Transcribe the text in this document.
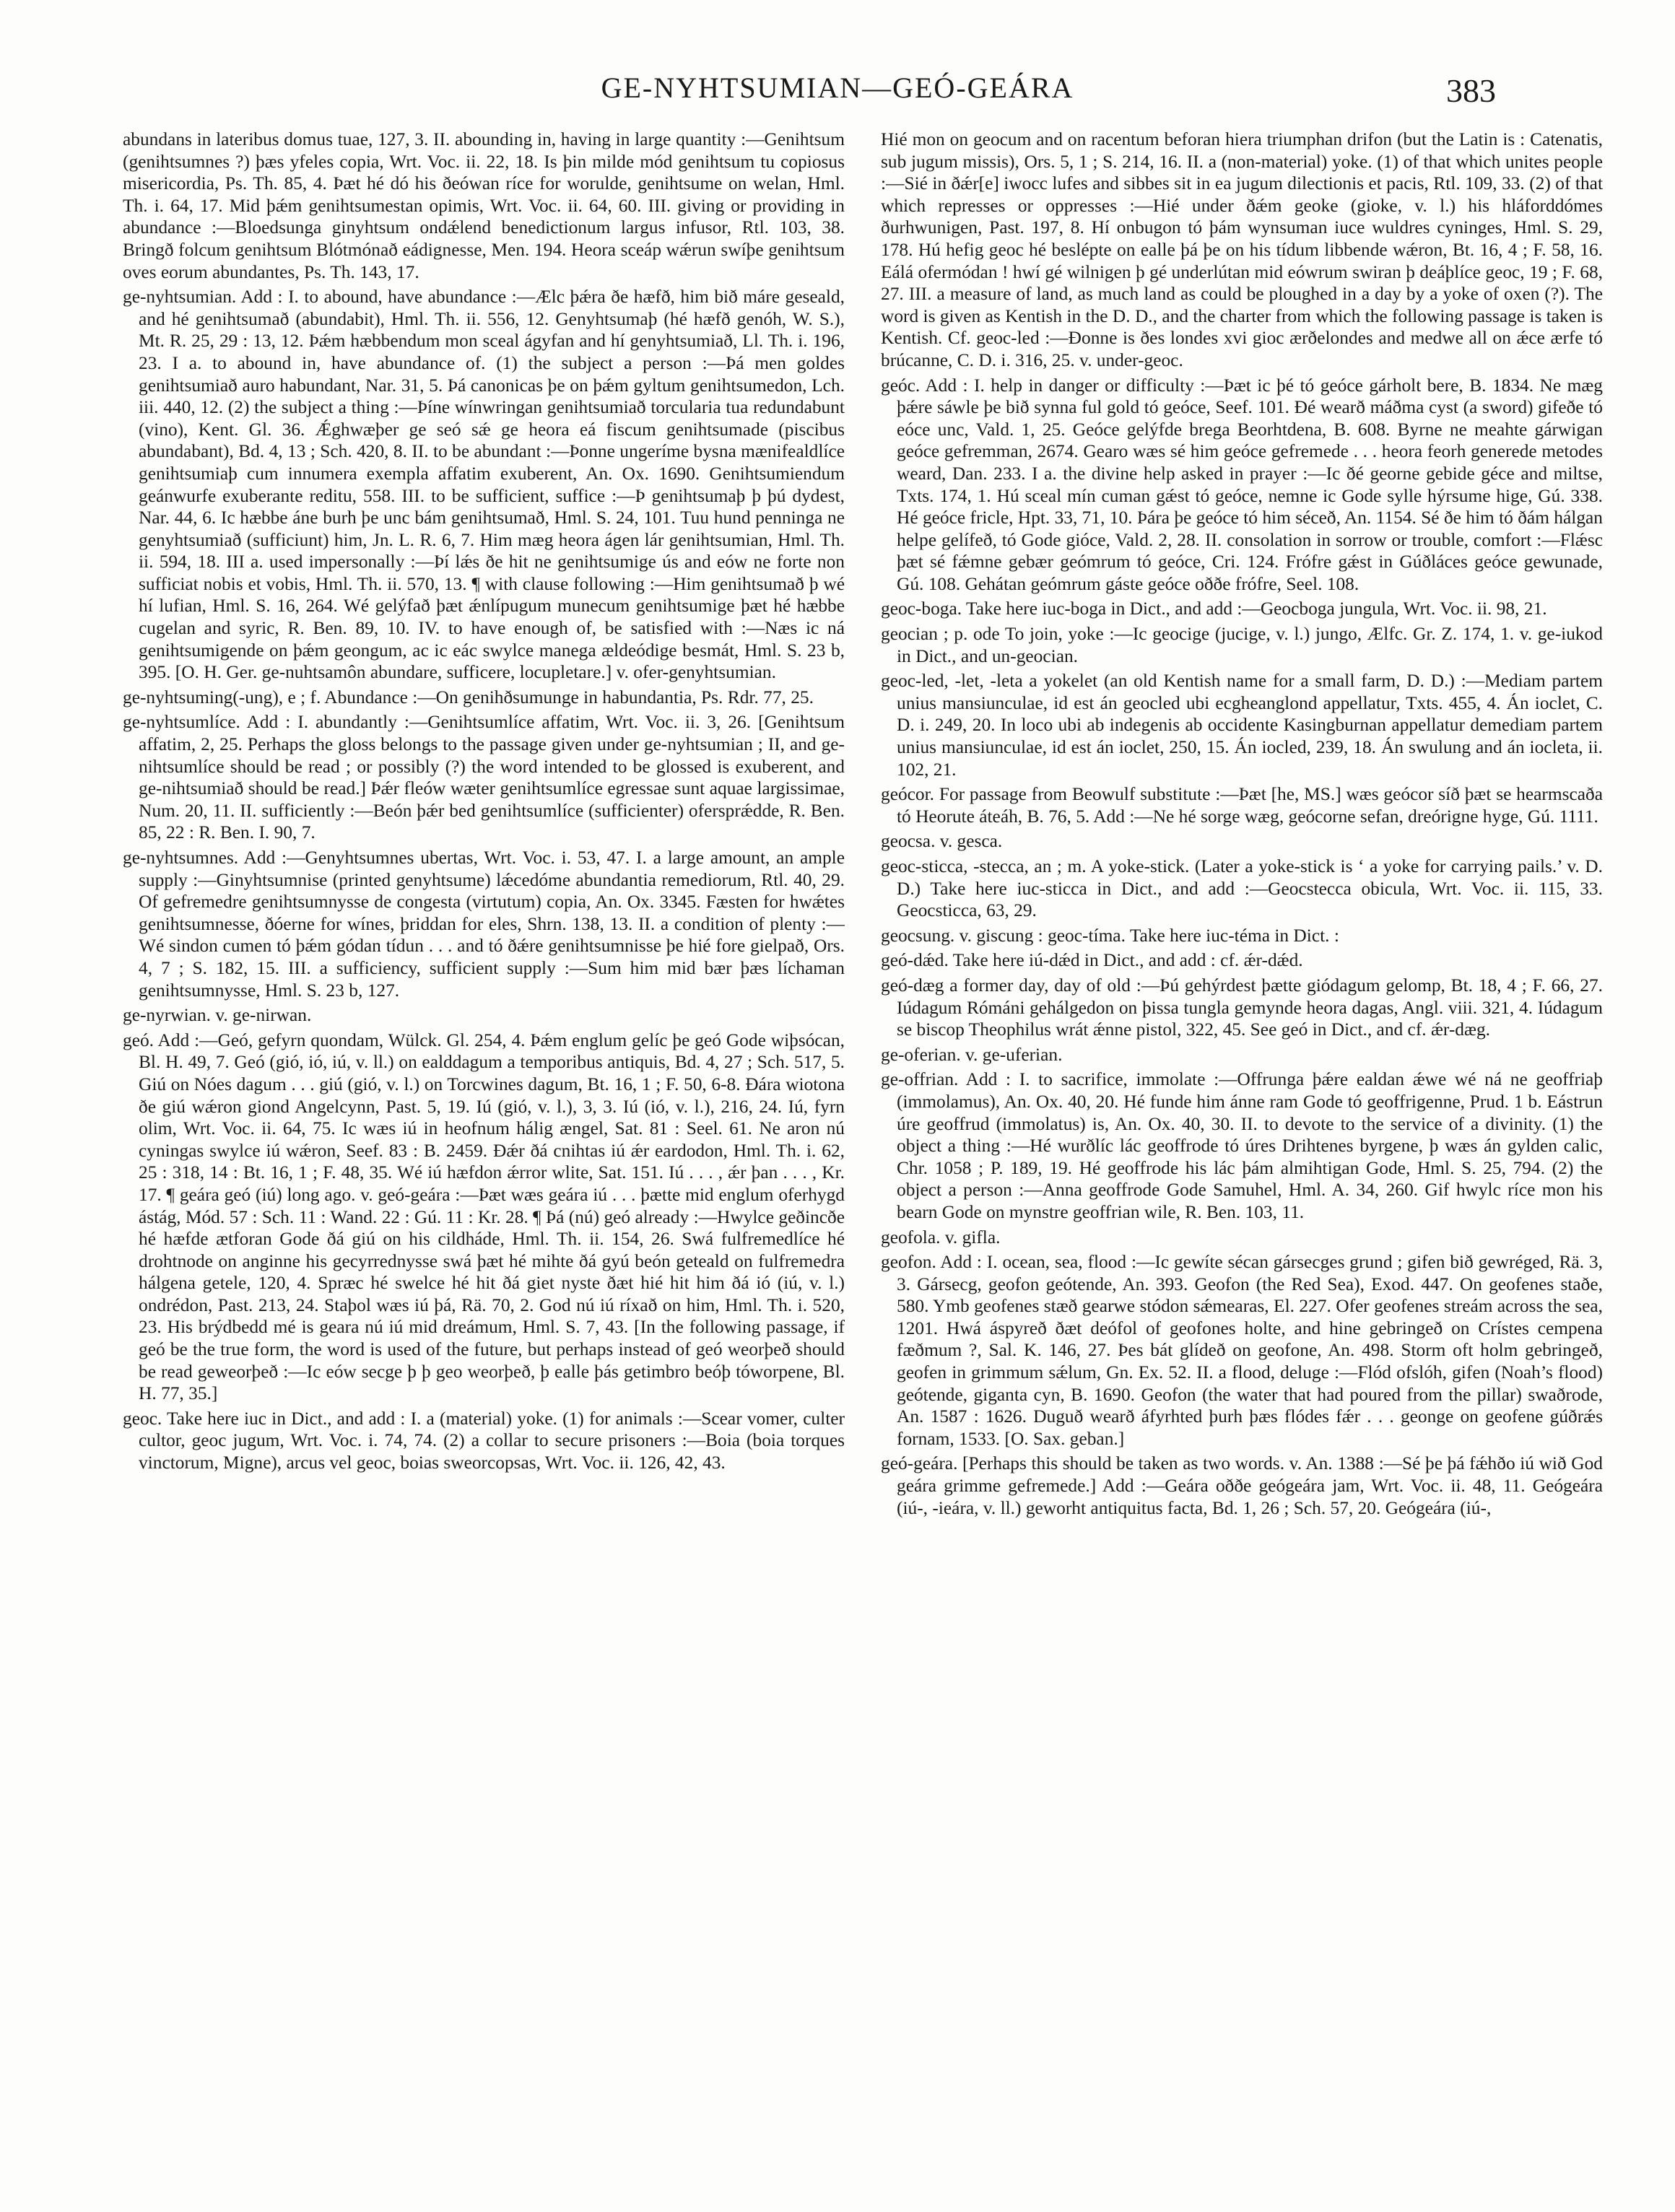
GE-NYHTSUMIAN—GEÓ-GEÁRA	383

abundans in lateribus domus tuae, 127, 3. II. abounding in, having in large quantity :—Genihtsum (genihtsumnes ?) þæs yfeles copia, Wrt. Voc. ii. 22, 18. Is þin milde mód genihtsum tu copiosus misericordia, Ps. Th. 85, 4. Þæt hé dó his ðeówan ríce for worulde, genihtsume on welan, Hml. Th. i. 64, 17. Mid þǽm genihtsumestan opimis, Wrt. Voc. ii. 64, 60. III. giving or providing in abundance :—Bloedsunga ginyhtsum ondǽlend benedictionum largus infusor, Rtl. 103, 38. Bringð folcum genihtsum Blótmónað eádignesse, Men. 194. Heora sceáp wǽrun swíþe genihtsum oves eorum abundantes, Ps. Th. 143, 17.

ge-nyhtsumian. Add : I. to abound, have abundance :—Ælc þǽra ðe hæfð, him bið máre geseald, and hé genihtsumað (abundabit), Hml. Th. ii. 556, 12. Genyhtsumaþ (hé hæfð genóh, W. S.), Mt. R. 25, 29 : 13, 12. Þǽm hæbbendum mon sceal ágyfan and hí genyhtsumiað, Ll. Th. i. 196, 23. I a. to abound in, have abundance of. (1) the subject a person :—Þá men goldes genihtsumiað auro habundant, Nar. 31, 5. Þá canonicas þe on þǽm gyltum genihtsumedon, Lch. iii. 440, 12. (2) the subject a thing :—Þíne wínwringan genihtsumiað torcularia tua redundabunt (vino), Kent. Gl. 36. Ǽghwæþer ge seó sǽ ge heora eá fiscum genihtsumade (piscibus abundabant), Bd. 4, 13 ; Sch. 420, 8. II. to be abundant :—Þonne ungeríme bysna mænifealdlíce genihtsumiaþ cum innumera exempla affatim exuberent, An. Ox. 1690. Genihtsumiendum geánwurfe exuberante reditu, 558. III. to be sufficient, suffice :—Þ genihtsumaþ þ þú dydest, Nar. 44, 6. Ic hæbbe áne burh þe unc bám genihtsumað, Hml. S. 24, 101. Tuu hund penninga ne genyhtsumiað (sufficiunt) him, Jn. L. R. 6, 7. Him mæg heora ágen lár genihtsumian, Hml. Th. ii. 594, 18. III a. used impersonally :—Þí lǽs ðe hit ne genihtsumige ús and eów ne forte non sufficiat nobis et vobis, Hml. Th. ii. 570, 13. ¶ with clause following :—Him genihtsumað þ wé hí lufian, Hml. S. 16, 264. Wé gelýfað þæt ǽnlípugum munecum genihtsumige þæt hé hæbbe cugelan and syric, R. Ben. 89, 10. IV. to have enough of, be satisfied with :—Næs ic ná genihtsumigende on þǽm geongum, ac ic eác swylce manega ældeódige besmát, Hml. S. 23 b, 395. [O. H. Ger. ge-nuhtsamôn abundare, sufficere, locupletare.] v. ofer-genyhtsumian.

ge-nyhtsuming(-ung), e ; f. Abundance :—On genihðsumunge in habundantia, Ps. Rdr. 77, 25.

ge-nyhtsumlíce. Add : I. abundantly :—Genihtsumlíce affatim, Wrt. Voc. ii. 3, 26. [Genihtsum affatim, 2, 25. Perhaps the gloss belongs to the passage given under ge-nyhtsumian ; II, and ge-nihtsumlíce should be read ; or possibly (?) the word intended to be glossed is exuberent, and ge-nihtsumiað should be read.] Þǽr fleów wæter genihtsumlíce egressae sunt aquae largissimae, Num. 20, 11. II. sufficiently :—Beón þǽr bed genihtsumlíce (sufficienter) ofersprǽdde, R. Ben. 85, 22 : R. Ben. I. 90, 7.

ge-nyhtsumnes. Add :—Genyhtsumnes ubertas, Wrt. Voc. i. 53, 47. I. a large amount, an ample supply :—Ginyhtsumnise (printed genyhtsume) lǽcedóme abundantia remediorum, Rtl. 40, 29. Of gefremedre genihtsumnysse de congesta (virtutum) copia, An. Ox. 3345. Fæsten for hwǽtes genihtsumnesse, ðóerne for wínes, þriddan for eles, Shrn. 138, 13. II. a condition of plenty :—Wé sindon cumen tó þǽm gódan tídun . . . and tó ðǽre genihtsumnisse þe hié fore gielpað, Ors. 4, 7 ; S. 182, 15. III. a sufficiency, sufficient supply :—Sum him mid bær þæs líchaman genihtsumnysse, Hml. S. 23 b, 127.

ge-nyrwian. v. ge-nirwan.

geó. Add :—Geó, gefyrn quondam, Wülck. Gl. 254, 4. Þǽm englum gelíc þe geó Gode wiþsócan, Bl. H. 49, 7. Geó (gió, ió, iú, v. ll.) on ealddagum a temporibus antiquis, Bd. 4, 27 ; Sch. 517, 5. Giú on Nóes dagum . . . giú (gió, v. l.) on Torcwines dagum, Bt. 16, 1 ; F. 50, 6-8. Ðára wiotona ðe giú wǽron giond Angelcynn, Past. 5, 19. Iú (gió, v. l.), 3, 3. Iú (ió, v. l.), 216, 24. Iú, fyrn olim, Wrt. Voc. ii. 64, 75. Ic wæs iú in heofnum hálig ængel, Sat. 81 : Seel. 61. Ne aron nú cyningas swylce iú wǽron, Seef. 83 : B. 2459. Ðǽr ðá cnihtas iú ǽr eardodon, Hml. Th. i. 62, 25 : 318, 14 : Bt. 16, 1 ; F. 48, 35. Wé iú hæfdon ǽrror wlite, Sat. 151. Iú . . . , ǽr þan . . . , Kr. 17. ¶ geára geó (iú) long ago. v. geó-geára :—Þæt wæs geára iú . . . þætte mid englum oferhygd ástág, Mód. 57 : Sch. 11 : Wand. 22 : Gú. 11 : Kr. 28. ¶ Þá (nú) geó already :—Hwylce geðincðe hé hæfde ætforan Gode ðá giú on his cildháde, Hml. Th. ii. 154, 26. Swá fulfremedlíce hé drohtnode on anginne his gecyrrednysse swá þæt hé mihte ðá gyú beón geteald on fulfremedra hálgena getele, 120, 4. Spræc hé swelce hé hit ðá giet nyste ðæt hié hit him ðá ió (iú, v. l.) ondrédon, Past. 213, 24. Staþol wæs iú þá, Rä. 70, 2. God nú iú ríxað on him, Hml. Th. i. 520, 23. His brýdbedd mé is geara nú iú mid dreámum, Hml. S. 7, 43. [In the following passage, if geó be the true form, the word is used of the future, but perhaps instead of geó weorþeð should be read geweorþeð :—Ic eów secge þ þ geo weorþeð, þ ealle þás getimbro beóþ tóworpene, Bl. H. 77, 35.]

geoc. Take here iuc in Dict., and add : I. a (material) yoke. (1) for animals :—Scear vomer, culter cultor, geoc jugum, Wrt. Voc. i. 74, 74. (2) a collar to secure prisoners :—Boia (boia torques vinctorum, Migne), arcus vel geoc, boias sweorcopsas, Wrt. Voc. ii. 126, 42, 43.

Hié mon on geocum and on racentum beforan hiera triumphan drifon (but the Latin is : Catenatis, sub jugum missis), Ors. 5, 1 ; S. 214, 16. II. a (non-material) yoke. (1) of that which unites people :—Sié in ðǽr[e] iwocc lufes and sibbes sit in ea jugum dilectionis et pacis, Rtl. 109, 33. (2) of that which represses or oppresses :—Hié under ðǽm geoke (gioke, v. l.) his hláforddómes ðurhwunigen, Past. 197, 8. Hí onbugon tó þám wynsuman iuce wuldres cyninges, Hml. S. 29, 178. Hú hefig geoc hé beslépte on ealle þá þe on his tídum libbende wǽron, Bt. 16, 4 ; F. 58, 16. Eálá ofermódan ! hwí gé wilnigen þ gé underlútan mid eówrum swiran þ deáþlíce geoc, 19 ; F. 68, 27. III. a measure of land, as much land as could be ploughed in a day by a yoke of oxen (?). The word is given as Kentish in the D. D., and the charter from which the following passage is taken is Kentish. Cf. geoc-led :—Ðonne is ðes londes xvi gioc ærðelondes and medwe all on ǽce ærfe tó brúcanne, C. D. i. 316, 25. v. under-geoc.

geóc. Add : I. help in danger or difficulty :—Þæt ic þé tó geóce gárholt bere, B. 1834. Ne mæg þǽre sáwle þe bið synna ful gold tó geóce, Seef. 101. Ðé wearð máðma cyst (a sword) gifeðe tó eóce unc, Vald. 1, 25. Geóce gelýfde brega Beorhtdena, B. 608. Byrne ne meahte gárwigan geóce gefremman, 2674. Gearo wæs sé him geóce gefremede . . . heora feorh generede metodes weard, Dan. 233. I a. the divine help asked in prayer :—Ic ðé georne gebide géce and miltse, Txts. 174, 1. Hú sceal mín cuman gǽst tó geóce, nemne ic Gode sylle hýrsume hige, Gú. 338. Hé geóce fricle, Hpt. 33, 71, 10. Þára þe geóce tó him séceð, An. 1154. Sé ðe him tó ðám hálgan helpe gelífeð, tó Gode gióce, Vald. 2, 28. II. consolation in sorrow or trouble, comfort :—Flǽsc þæt sé fǽmne gebær geómrum tó geóce, Cri. 124. Frófre gǽst in Gúðláces geóce gewunade, Gú. 108. Gehátan geómrum gáste geóce oððe frófre, Seel. 108.

geoc-boga. Take here iuc-boga in Dict., and add :—Geocboga jungula, Wrt. Voc. ii. 98, 21.

geocian ; p. ode To join, yoke :—Ic geocige (jucige, v. l.) jungo, Ælfc. Gr. Z. 174, 1. v. ge-iukod in Dict., and un-geocian.

geoc-led, -let, -leta a yokelet (an old Kentish name for a small farm, D. D.) :—Mediam partem unius mansiunculae, id est án geocled ubi ecgheanglond appellatur, Txts. 455, 4. Án ioclet, C. D. i. 249, 20. In loco ubi ab indegenis ab occidente Kasingburnan appellatur demediam partem unius mansiunculae, id est án ioclet, 250, 15. Án iocled, 239, 18. Án swulung and án iocleta, ii. 102, 21.

geócor. For passage from Beowulf substitute :—Þæt [he, MS.] wæs geócor síð þæt se hearmscaða tó Heorute áteáh, B. 76, 5. Add :—Ne hé sorge wæg, geócorne sefan, dreórigne hyge, Gú. 1111.

geocsa. v. gesca.

geoc-sticca, -stecca, an ; m. A yoke-stick. (Later a yoke-stick is ‘ a yoke for carrying pails.’ v. D. D.) Take here iuc-sticca in Dict., and add :—Geocstecca obicula, Wrt. Voc. ii. 115, 33. Geocsticca, 63, 29.

geocsung. v. giscung : geoc-tíma. Take here iuc-téma in Dict. :

geó-dǽd. Take here iú-dǽd in Dict., and add : cf. ǽr-dǽd.

geó-dæg a former day, day of old :—Þú gehýrdest þætte giódagum gelomp, Bt. 18, 4 ; F. 66, 27. Iúdagum Rómáni gehálgedon on þissa tungla gemynde heora dagas, Angl. viii. 321, 4. Iúdagum se biscop Theophilus wrát ǽnne pistol, 322, 45. See geó in Dict., and cf. ǽr-dæg.

ge-oferian. v. ge-uferian.

ge-offrian. Add : I. to sacrifice, immolate :—Offrunga þǽre ealdan ǽwe wé ná ne geoffriaþ (immolamus), An. Ox. 40, 20. Hé funde him ánne ram Gode tó geoffrigenne, Prud. 1 b. Eástrun úre geoffrud (immolatus) is, An. Ox. 40, 30. II. to devote to the service of a divinity. (1) the object a thing :—Hé wurðlíc lác geoffrode tó úres Drihtenes byrgene, þ wæs án gylden calic, Chr. 1058 ; P. 189, 19. Hé geoffrode his lác þám almihtigan Gode, Hml. S. 25, 794. (2) the object a person :—Anna geoffrode Gode Samuhel, Hml. A. 34, 260. Gif hwylc ríce mon his bearn Gode on mynstre geoffrian wile, R. Ben. 103, 11.

geofola. v. gifla.

geofon. Add : I. ocean, sea, flood :—Ic gewíte sécan gársecges grund ; gifen bið gewréged, Rä. 3, 3. Gársecg, geofon geótende, An. 393. Geofon (the Red Sea), Exod. 447. On geofenes staðe, 580. Ymb geofenes stæð gearwe stódon sǽmearas, El. 227. Ofer geofenes streám across the sea, 1201. Hwá áspyreð ðæt deófol of geofones holte, and hine gebringeð on Crístes cempena fæðmum ?, Sal. K. 146, 27. Þes bát glídeð on geofone, An. 498. Storm oft holm gebringeð, geofen in grimmum sǽlum, Gn. Ex. 52. II. a flood, deluge :—Flód ofslóh, gifen (Noah’s flood) geótende, giganta cyn, B. 1690. Geofon (the water that had poured from the pillar) swaðrode, An. 1587 : 1626. Duguð wearð áfyrhted þurh þæs flódes fǽr . . . geonge on geofene gúðrǽs fornam, 1533. [O. Sax. geban.]

geó-geára. [Perhaps this should be taken as two words. v. An. 1388 :—Sé þe þá fǽhðo iú wið God geára grimme gefremede.] Add :—Geára oððe geógeára jam, Wrt. Voc. ii. 48, 11. Geógeára (iú-, -ieára, v. ll.) geworht antiquitus facta, Bd. 1, 26 ; Sch. 57, 20. Geógeára (iú-,
